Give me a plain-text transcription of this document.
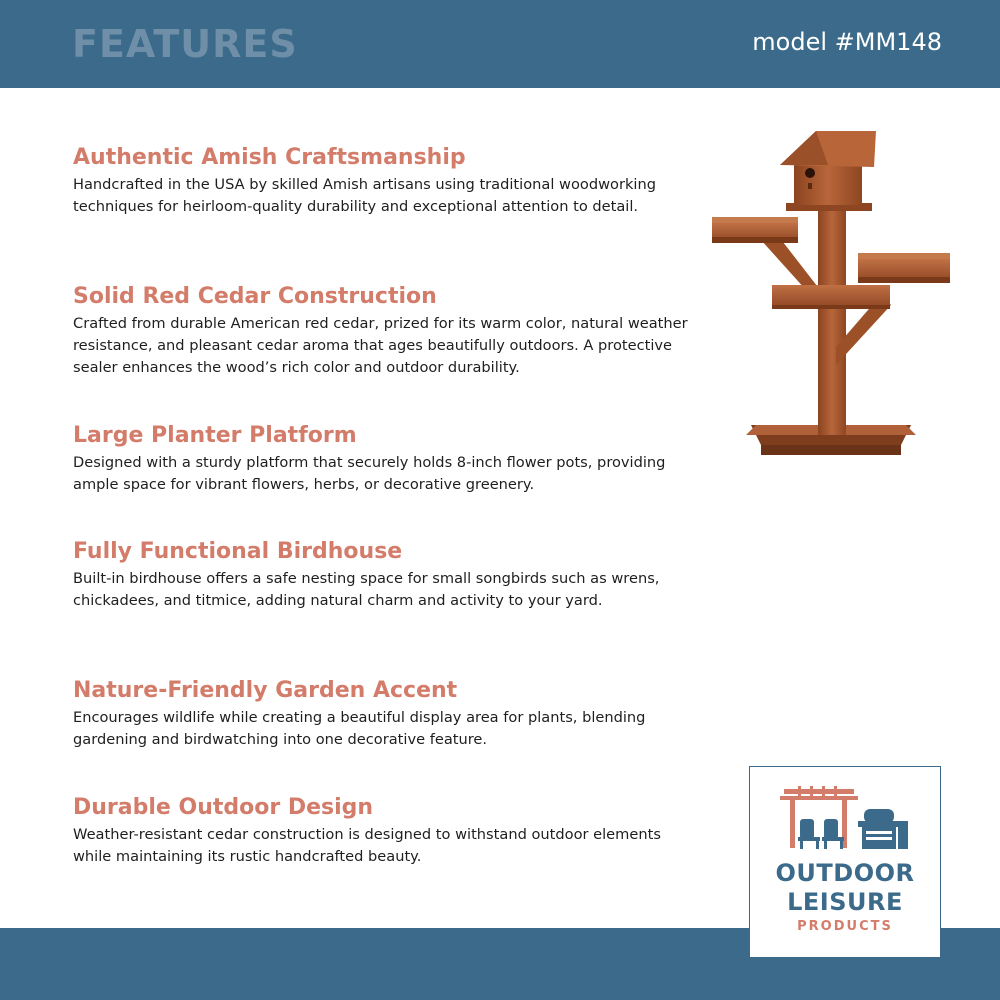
FEATURES	model #MM148
Authentic Amish Craftsmanship
Handcrafted in the USA by skilled Amish artisans using traditional woodworking techniques for heirloom-quality durability and exceptional attention to detail.
Solid Red Cedar Construction
Crafted from durable American red cedar, prized for its warm color, natural weather resistance, and pleasant cedar aroma that ages beautifully outdoors. A protective sealer enhances the wood’s rich color and outdoor durability.
Large Planter Platform
Designed with a sturdy platform that securely holds 8-inch flower pots, providing ample space for vibrant flowers, herbs, or decorative greenery.
Fully Functional Birdhouse
Built-in birdhouse offers a safe nesting space for small songbirds such as wrens, chickadees, and titmice, adding natural charm and activity to your yard.
Nature-Friendly Garden Accent
Encourages wildlife while creating a beautiful display area for plants, blending gardening and birdwatching into one decorative feature.
Durable Outdoor Design
Weather-resistant cedar construction is designed to withstand outdoor elements while maintaining its rustic handcrafted beauty.
OUTDOOR
LEISURE
PRODUCTS
